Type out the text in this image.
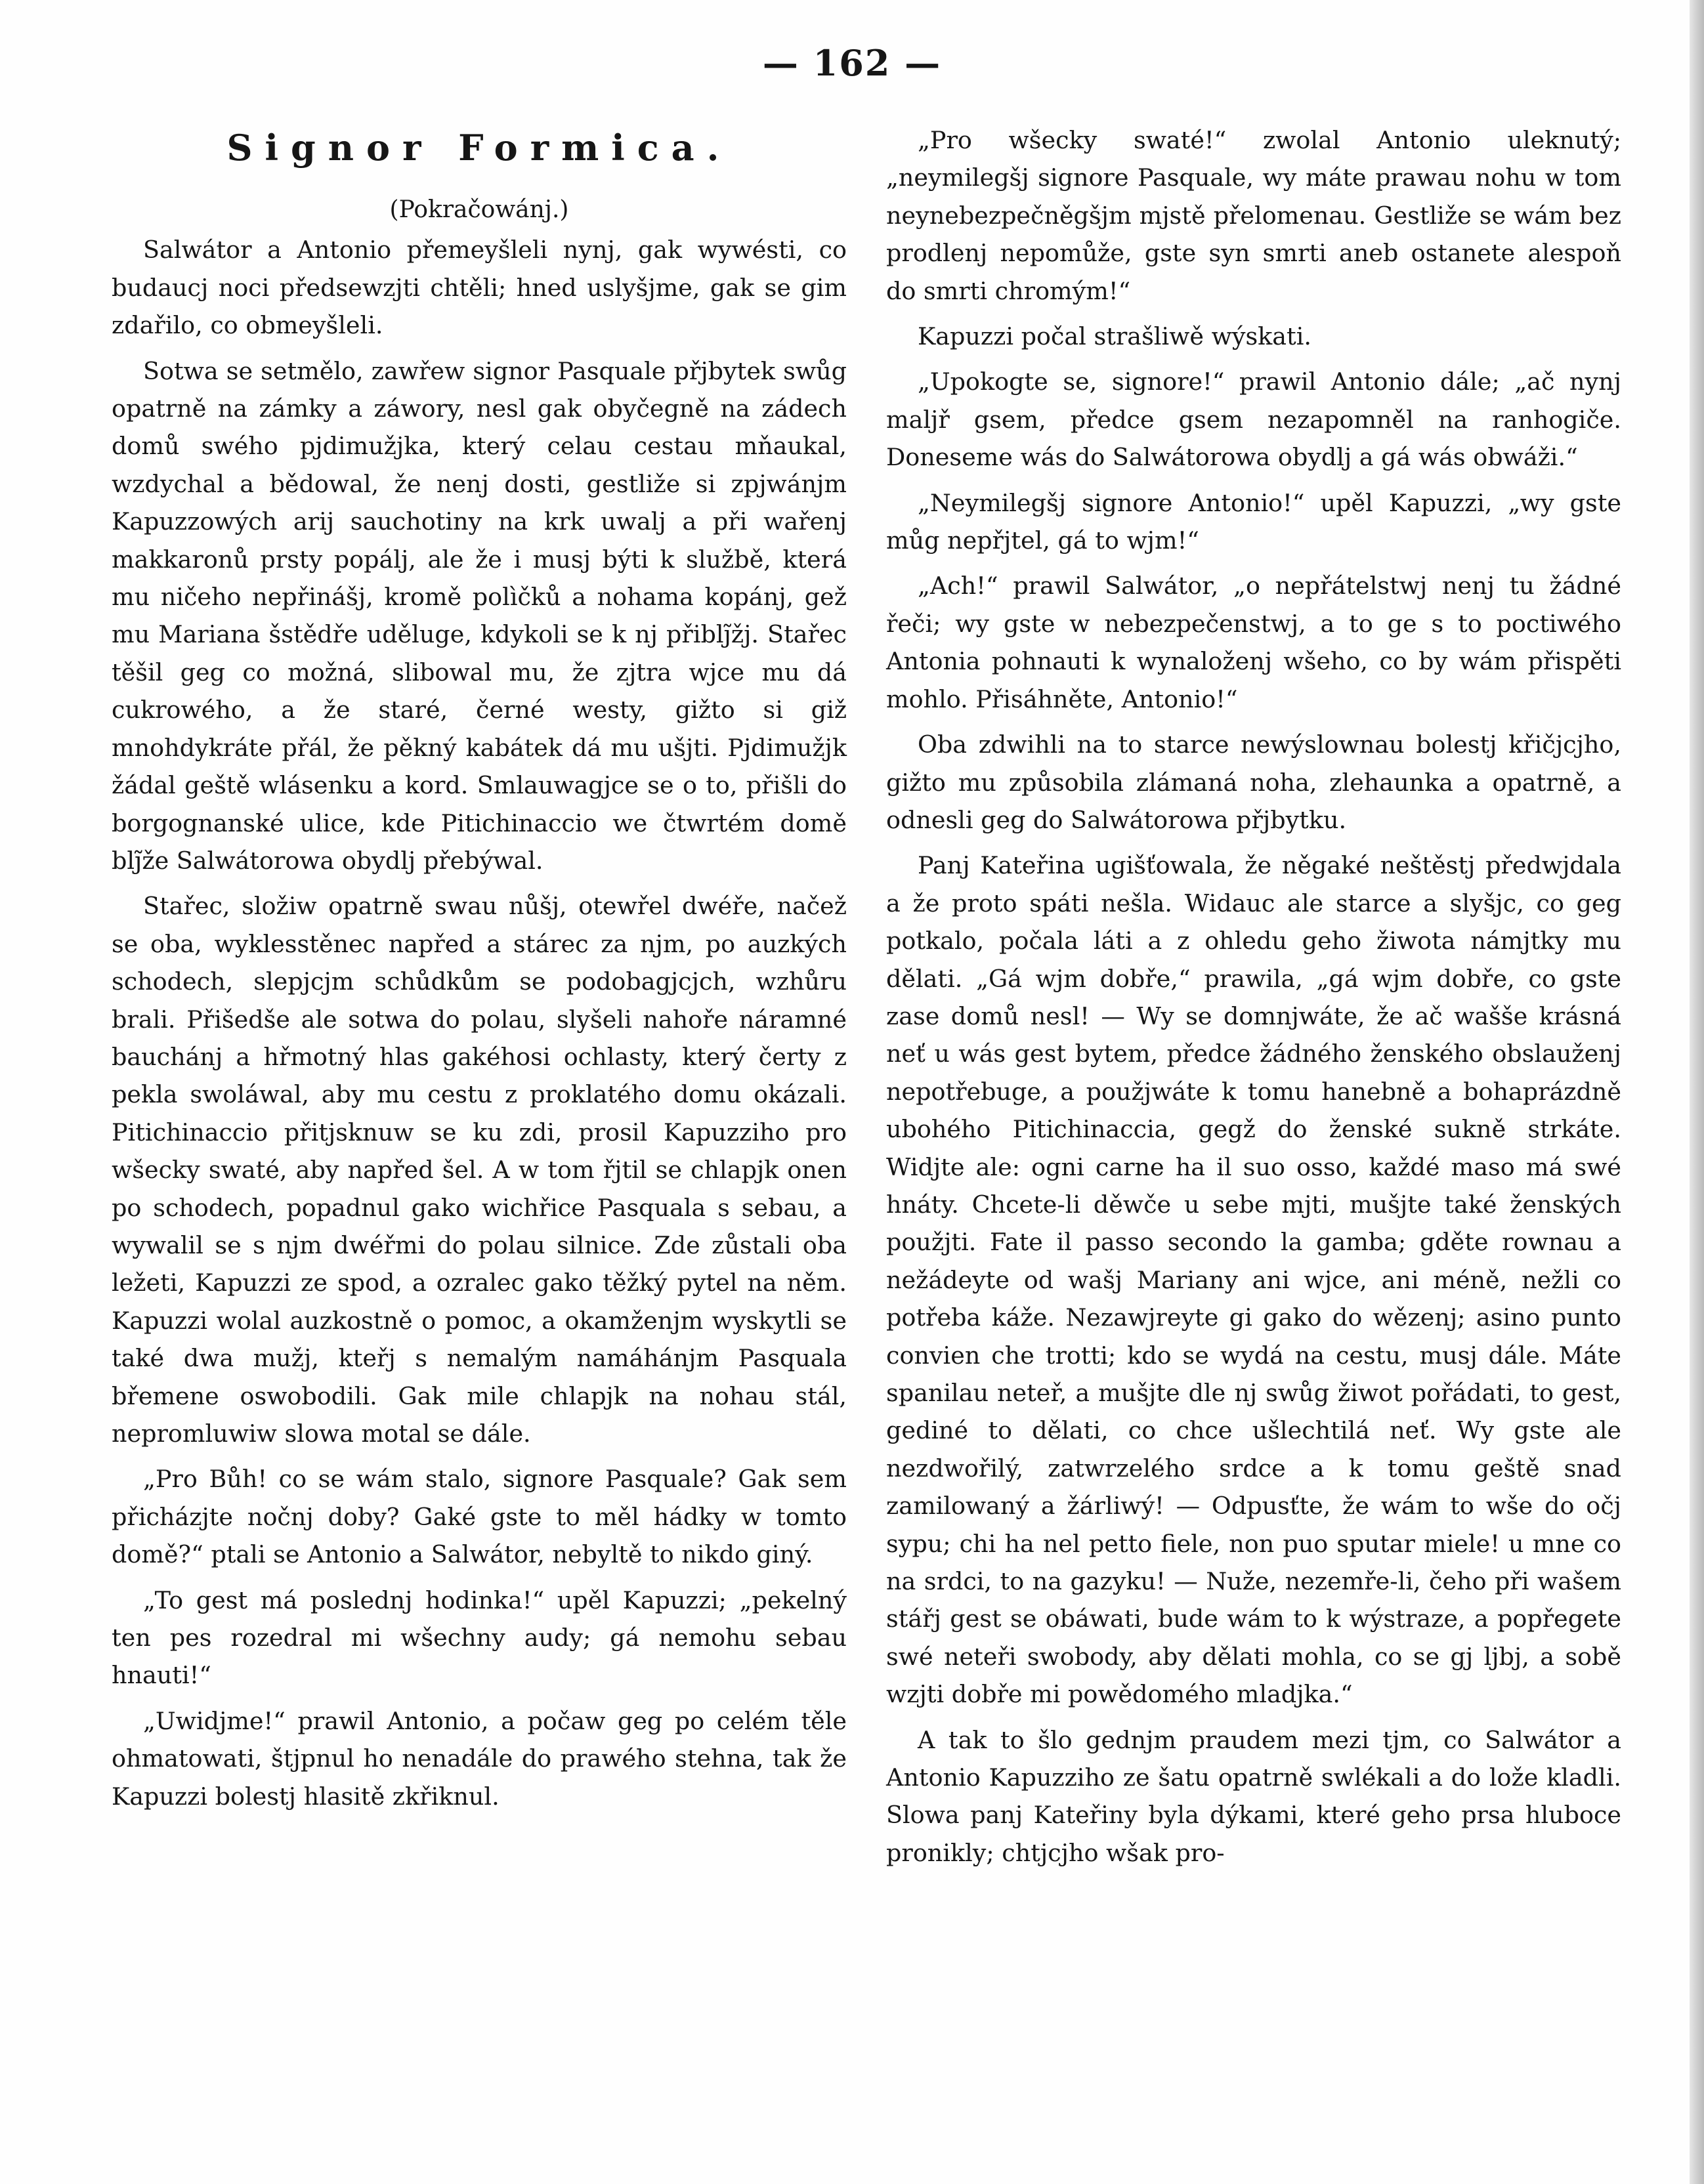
— 162 —
Signor Formica.
(Pokračowánj.)

Salwátor a Antonio přemeyšleli nynj, gak wywésti, co budaucj noci předsewzjti chtěli; hned uslyšjme, gak se gim zdařilo, co obmeyšleli.

Sotwa se setmělo, zawřew signor Pasquale přjbytek swůg opatrně na zámky a záwory, nesl gak obyčegně na zádech domů swého pjdimužjka, který celau cestau mňaukal, wzdychal a bědowal, že nenj dosti, gestliže si zpjwánjm Kapuzzowých arij sauchotiny na krk uwalj a při wařenj makkaronů prsty popálj, ale že i musj býti k službě, která mu ničeho nepřinášj, kromě polìčků a nohama kopánj, gež mu Mariana šstědře uděluge, kdykoli se k nj přiblj̃žj. Stařec těšil geg co možná, slibowal mu, že zjtra wjce mu dá cukrowého, a že staré, černé westy, gižto si giž mnohdykráte přál, že pěkný kabátek dá mu ušjti. Pjdimužjk žádal geště wlásenku a kord. Smlauwagjce se o to, přišli do borgognanské ulice, kde Pitichinaccio we čtwrtém domě blj̃že Salwátorowa obydlj přebýwal.

Stařec, složiw opatrně swau nůšj, otewřel dwéře, načež se oba, wyklesstěnec napřed a stárec za njm, po auzkých schodech, slepjcjm schůdkům se podobagjcjch, wzhůru brali. Přišedše ale sotwa do polau, slyšeli nahoře náramné bauchánj a hřmotný hlas gakéhosi ochlasty, který čerty z pekla swoláwal, aby mu cestu z proklatého domu okázali. Pitichinaccio přitjsknuw se ku zdi, prosil Kapuzziho pro wšecky swaté, aby napřed šel. A w tom řjtil se chlapjk onen po schodech, popadnul gako wichřice Pasquala s sebau, a wywalil se s njm dwéřmi do polau silnice. Zde zůstali oba ležeti, Kapuzzi ze spod, a ozralec gako těžký pytel na něm. Kapuzzi wolal auzkostně o pomoc, a okamženjm wyskytli se také dwa mužj, kteřj s nemalým namáhánjm Pasquala břemene oswobodili. Gak mile chlapjk na nohau stál, nepromluwiw slowa motal se dále.

„Pro Bůh! co se wám stalo, signore Pasquale? Gak sem přicházjte nočnj doby? Gaké gste to měl hádky w tomto domě?“ ptali se Antonio a Salwátor, nebyltě to nikdo giný.

„To gest má poslednj hodinka!“ upěl Kapuzzi; „pekelný ten pes rozedral mi wšechny audy; gá nemohu sebau hnauti!“

„Uwidjme!“ prawil Antonio, a počaw geg po celém těle ohmatowati, štjpnul ho nenadále do prawého stehna, tak že Kapuzzi bolestj hlasitě zkřiknul.

„Pro wšecky swaté!“ zwolal Antonio uleknutý; „neymilegšj signore Pasquale, wy máte prawau nohu w tom neynebezpečněgšjm mjstě přelomenau. Gestliže se wám bez prodlenj nepomůže, gste syn smrti aneb ostanete alespoň do smrti chromým!“

Kapuzzi počal strašliwě wýskati.

„Upokogte se, signore!“ prawil Antonio dále; „ač nynj malјř gsem, předce gsem nezapomněl na ranhogiče. Doneseme wás do Salwátorowa obydlj a gá wás obwáži.“

„Neymilegšj signore Antonio!“ upěl Kapuzzi, „wy gste můg nepřjtel, gá to wjm!“

„Ach!“ prawil Salwátor, „o nepřátelstwj nenj tu žádné řeči; wy gste w nebezpečenstwj, a to ge s to poctiwého Antonia pohnauti k wynaloženj wšeho, co by wám přispěti mohlo. Přisáhněte, Antonio!“

Oba zdwihli na to starce newýslownau bolestj křičjcjho, gižto mu způsobila zlámaná noha, zlehaunka a opatrně, a odnesli geg do Salwátorowa přjbytku.

Panj Kateřina ugišťowala, že něgaké neštěstj předwjdala a že proto spáti nešla. Widauc ale starce a slyšjc, co geg potkalo, počala láti a z ohledu geho žiwota námjtky mu dělati. „Gá wjm dobře,“ prawila, „gá wjm dobře, co gste zase domů nesl! — Wy se domnjwáte, že ač wašše krásná neť u wás gest bytem, předce žádného ženského obslauženj nepotřebuge, a použjwáte k tomu hanebně a bohaprázdně ubohého Pitichinaccia, gegž do ženské sukně strkáte. Widjte ale: ogni carne ha il suo osso, každé maso má swé hnáty. Chcete-li děwče u sebe mjti, mušjte také ženských použjti. Fate il passo secondo la gamba; gděte rownau a nežádeyte od wašj Mariany ani wjce, ani méně, nežli co potřeba káže. Nezawjreyte gi gako do wězenj; asino punto convien che trotti; kdo se wydá na cestu, musj dále. Máte spanilau neteř, a mušjte dle nj swůg žiwot pořádati, to gest, gediné to dělati, co chce ušlechtilá neť. Wy gste ale nezdwořilý, zatwrzelého srdce a k tomu geště snad zamilowaný a žárliwý! — Odpusťte, že wám to wše do očj sypu; chi ha nel petto fiele, non puo sputar miele! u mne co na srdci, to na gazyku! — Nuže, nezemře-li, čeho při wašem stářj gest se obáwati, bude wám to k wýstraze, a popřegete swé neteři swobody, aby dělati mohla, co se gj ljbj, a sobě wzjti dobře mi powědomého mladjka.“

A tak to šlo gednjm praudem mezi tjm, co Salwátor a Antonio Kapuzziho ze šatu opatrně swlékali a do lože kladli. Slowa panj Kateřiny byla dýkami, které geho prsa hluboce pronikly; chtjcjho wšak pro-
